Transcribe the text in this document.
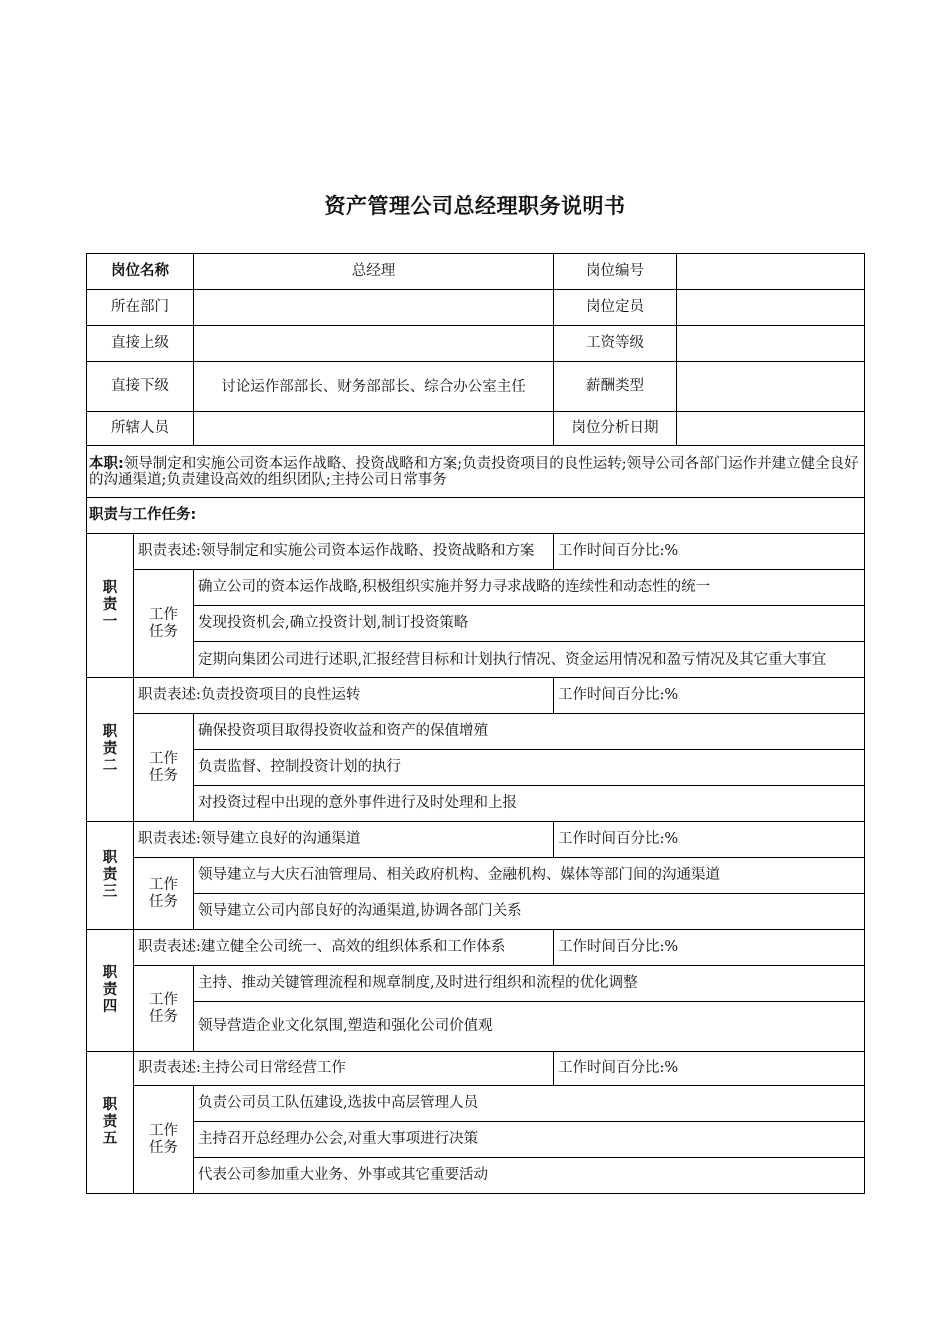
资产管理公司总经理职务说明书
岗位名称		总经理	岗位编号	
所在部门			岗位定员	
直接上级			工资等级	
直接下级		讨论运作部部长、财务部部长、综合办公室主任	薪酬类型	
所辖人员			岗位分析日期	
本职:领导制定和实施公司资本运作战略、投资战略和方案;负责投资项目的良性运转;领导公司各部门运作并建立健全良好的沟通渠道;负责建设高效的组织团队;主持公司日常事务				
职责与工作任务:				
职责一	职责表述:领导制定和实施公司资本运作战略、投资战略和方案		工作时间百分比:%	
	工作任务	确立公司的资本运作战略,积极组织实施并努力寻求战略的连续性和动态性的统一		
		发现投资机会,确立投资计划,制订投资策略		
		定期向集团公司进行述职,汇报经营目标和计划执行情况、资金运用情况和盈亏情况及其它重大事宜		
职责二	职责表述:负责投资项目的良性运转		工作时间百分比:%	
	工作任务	确保投资项目取得投资收益和资产的保值增殖		
		负责监督、控制投资计划的执行		
		对投资过程中出现的意外事件进行及时处理和上报		
职责三	职责表述:领导建立良好的沟通渠道		工作时间百分比:%	
	工作任务	领导建立与大庆石油管理局、相关政府机构、金融机构、媒体等部门间的沟通渠道		
		领导建立公司内部良好的沟通渠道,协调各部门关系		
职责四	职责表述:建立健全公司统一、高效的组织体系和工作体系		工作时间百分比:%	
	工作任务	主持、推动关键管理流程和规章制度,及时进行组织和流程的优化调整		
		领导营造企业文化氛围,塑造和强化公司价值观		
职责五	职责表述:主持公司日常经营工作		工作时间百分比:%	
	工作任务	负责公司员工队伍建设,选拔中高层管理人员		
		主持召开总经理办公会,对重大事项进行决策		
		代表公司参加重大业务、外事或其它重要活动		
